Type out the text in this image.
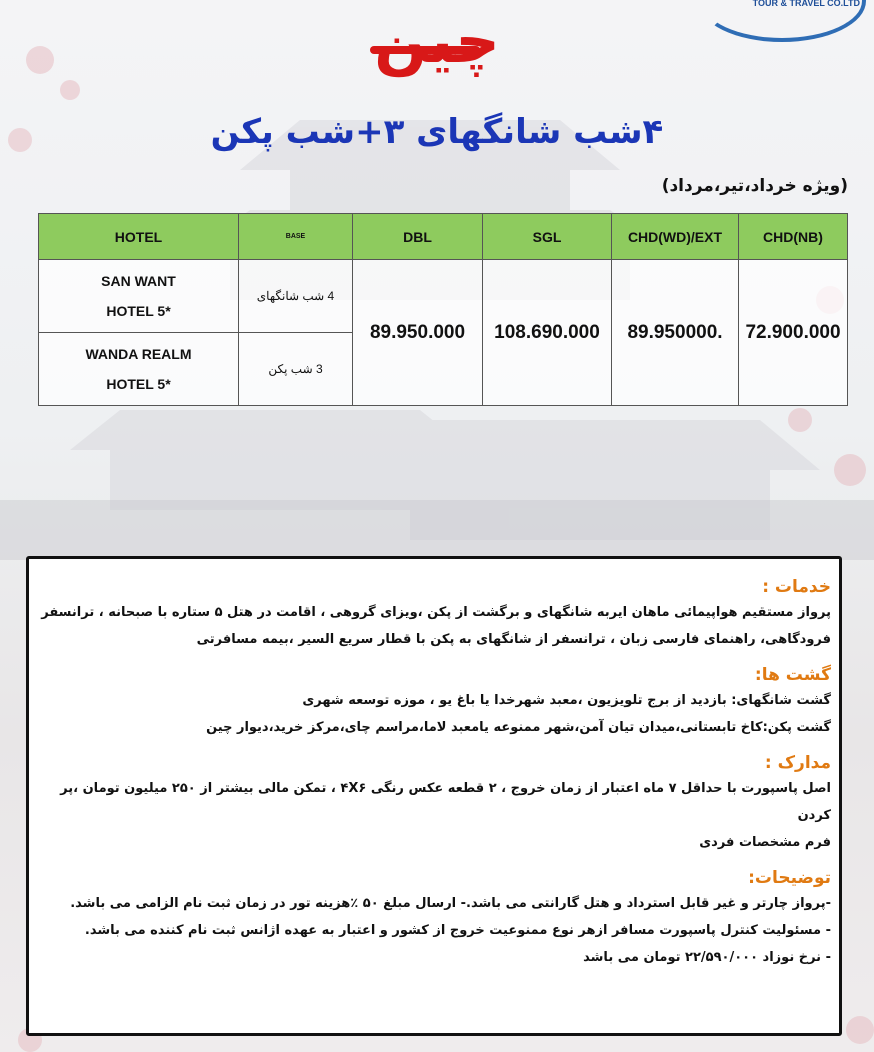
TOUR & TRAVEL CO.LTD
چین
۴شب شانگهای ۳+شب پکن
(ویژه خرداد،تیر،مرداد)
HOTEL	BASE	DBL	SGL	CHD(WD)/EXT	CHD(NB)

SAN WANT
HOTEL 5*	4 شب شانگهای	89.950.000	108.690.000	89.950000.	72.900.000

WANDA REALM
HOTEL 5*	3 شب پکن				
خدمات :
پرواز مستقیم هواپیمائی ماهان ایربه شانگهای و برگشت از پکن ،ویزای گروهی ، اقامت در هتل ۵ ستاره با صبحانه ، ترانسفر
فرودگاهی، راهنمای فارسی زبان ، ترانسفر از شانگهای به پکن با قطار سریع السیر ،بیمه مسافرتی
گشت ها:
گشت شانگهای: بازدید از برج تلویزیون ،معبد شهرخدا یا باغ یو ، موزه توسعه شهری
گشت پکن:کاخ تابستانی،میدان تیان آمن،شهر ممنوعه یامعبد لاما،مراسم چای،مرکز خرید،دیوار چین
مدارک :
اصل پاسپورت با حداقل ۷ ماه اعتبار از زمان خروج ، ۲ قطعه عکس رنگی ۴X۶ ، تمکن مالی بیشتر از ۲۵۰ میلیون تومان ،پر کردن
فرم مشخصات فردی
توضیحات:
-پرواز چارتر و غیر قابل استرداد و هتل گارانتی می باشد.- ارسال مبلغ ۵۰ ٪هزینه تور در زمان ثبت نام الزامی می باشد.
- مسئولیت کنترل پاسپورت مسافر ازهر نوع ممنوعیت خروج از کشور و اعتبار به عهده اژانس ثبت نام کننده می باشد.
- نرخ نوزاد ۲۲/۵۹۰/۰۰۰ تومان می باشد
